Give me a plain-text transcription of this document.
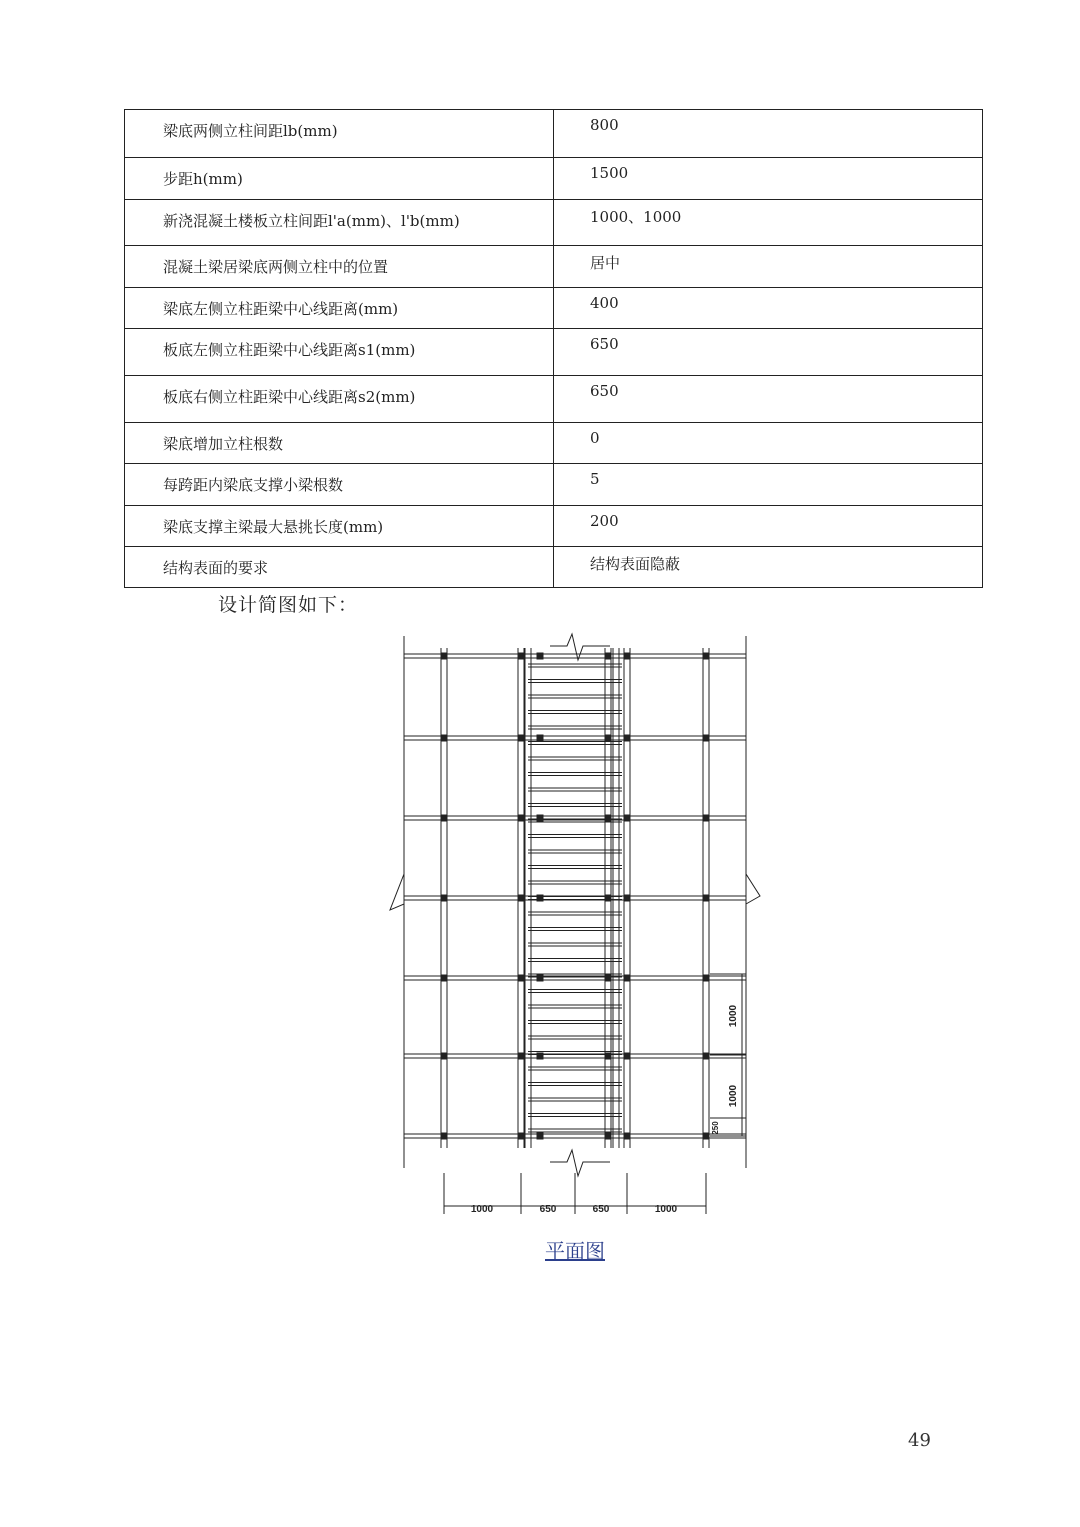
梁底两侧立柱间距lb(mm)	800

步距h(mm)	1500

新浇混凝土楼板立柱间距l'a(mm)、l'b(mm)	1000、1000

混凝土梁居梁底两侧立柱中的位置	居中

梁底左侧立柱距梁中心线距离(mm)	400

板底左侧立柱距梁中心线距离s1(mm)	650

板底右侧立柱距梁中心线距离s2(mm)	650

梁底增加立柱根数	0

每跨距内梁底支撑小梁根数	5

梁底支撑主梁最大悬挑长度(mm)	200

结构表面的要求	结构表面隐蔽
设计简图如下：
1000	650	650	1000
1000
1000
250
平面图
49
